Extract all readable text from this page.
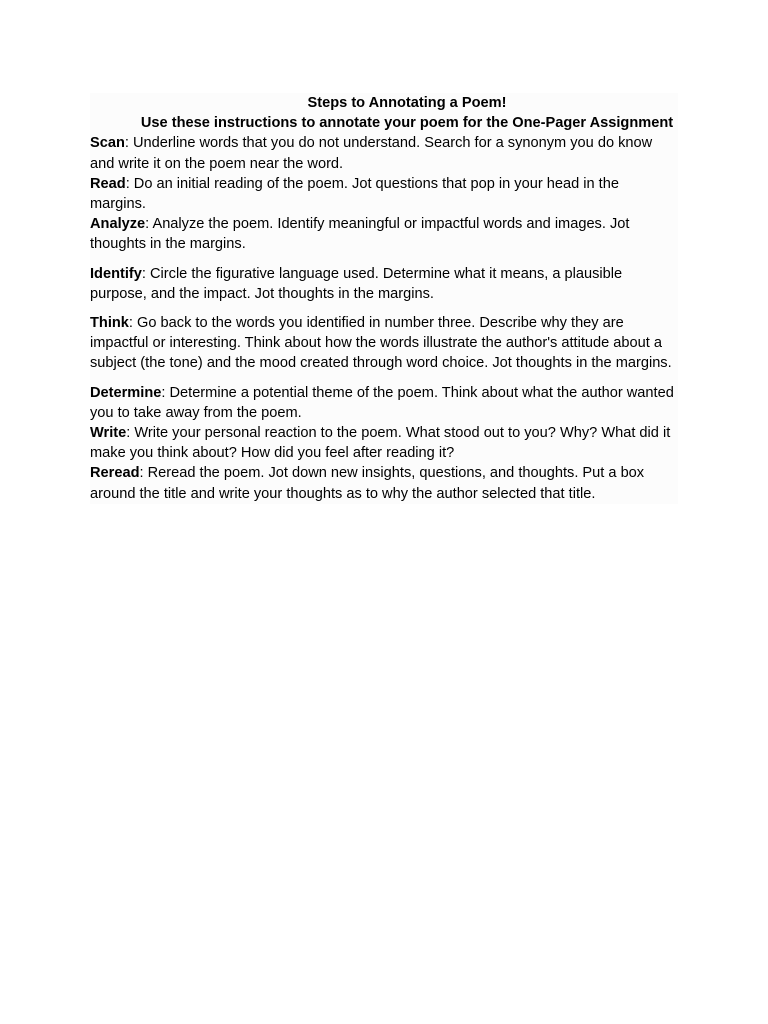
Steps to Annotating a Poem!
Use these instructions to annotate your poem for the One-Pager Assignment

Scan: Underline words that you do not understand. Search for a synonym you do know and write it on the poem near the word.

Read: Do an initial reading of the poem. Jot questions that pop in your head in the margins.

Analyze: Analyze the poem. Identify meaningful or impactful words and images. Jot thoughts in the margins.

Identify: Circle the figurative language used. Determine what it means, a plausible purpose, and the impact. Jot thoughts in the margins.

Think: Go back to the words you identified in number three. Describe why they are impactful or interesting. Think about how the words illustrate the author's attitude about a subject (the tone) and the mood created through word choice. Jot thoughts in the margins.

Determine: Determine a potential theme of the poem. Think about what the author wanted you to take away from the poem.

Write: Write your personal reaction to the poem. What stood out to you? Why? What did it make you think about? How did you feel after reading it?

Reread: Reread the poem. Jot down new insights, questions, and thoughts. Put a box around the title and write your thoughts as to why the author selected that title.
